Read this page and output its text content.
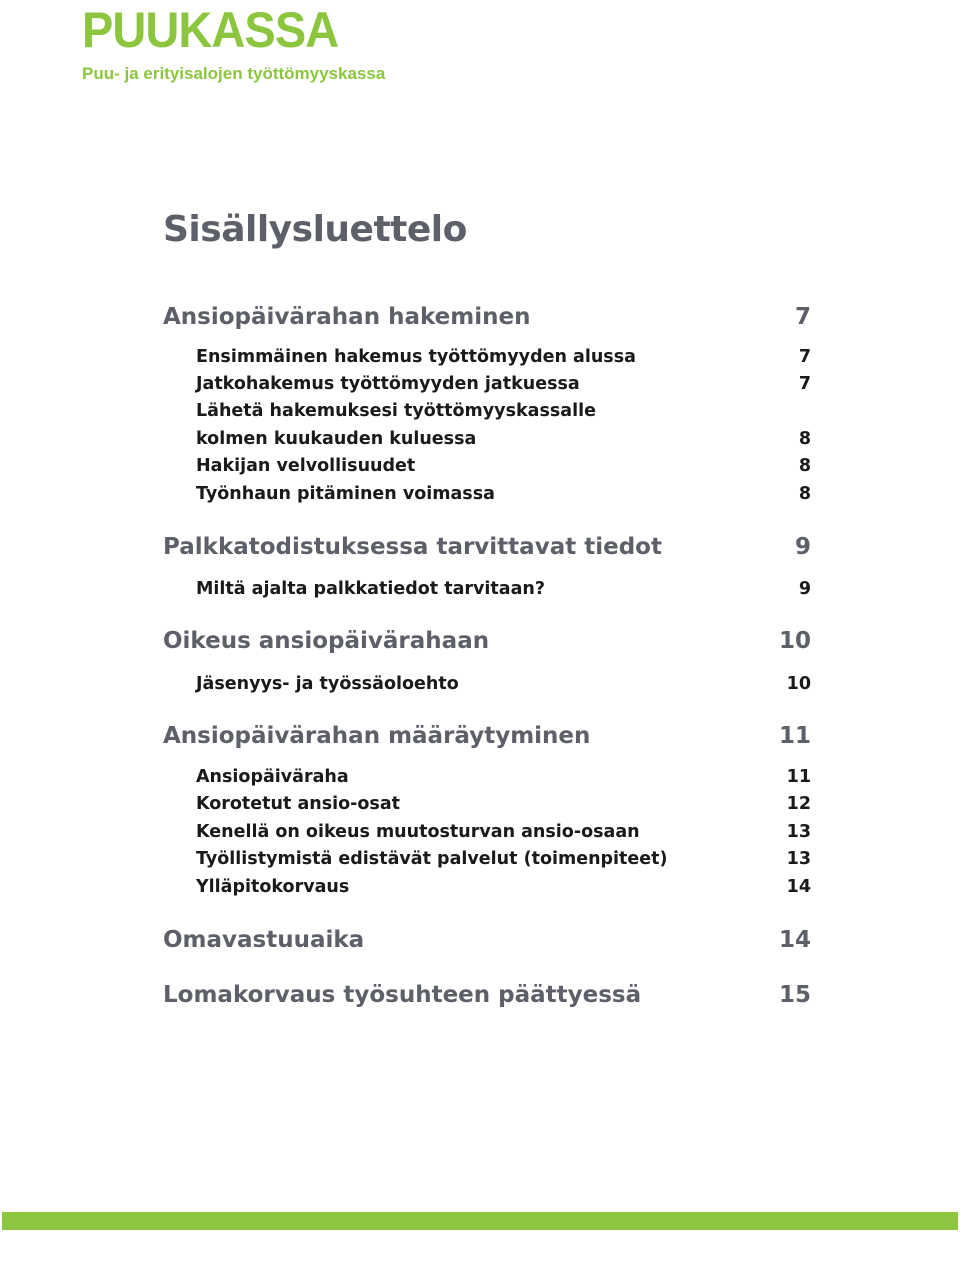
PUUKASSA
Puu- ja erityisalojen työttömyyskassa
Sisällysluettelo
Ansiopäivärahan hakeminen	7
Ensimmäinen hakemus työttömyyden alussa	7
Jatkohakemus työttömyyden jatkuessa	7
Lähetä hakemuksesi työttömyyskassalle
kolmen kuukauden kuluessa	8
Hakijan velvollisuudet	8
Työnhaun pitäminen voimassa	8
Palkkatodistuksessa tarvittavat tiedot	9
Miltä ajalta palkkatiedot tarvitaan?	9
Oikeus ansiopäivärahaan	10
Jäsenyys- ja työssäoloehto	10
Ansiopäivärahan määräytyminen	11
Ansiopäiväraha	11
Korotetut ansio-osat	12
Kenellä on oikeus muutosturvan ansio-osaan	13
Työllistymistä edistävät palvelut (toimenpiteet)	13
Ylläpitokorvaus	14
Omavastuuaika	14
Lomakorvaus työsuhteen päättyessä	15
